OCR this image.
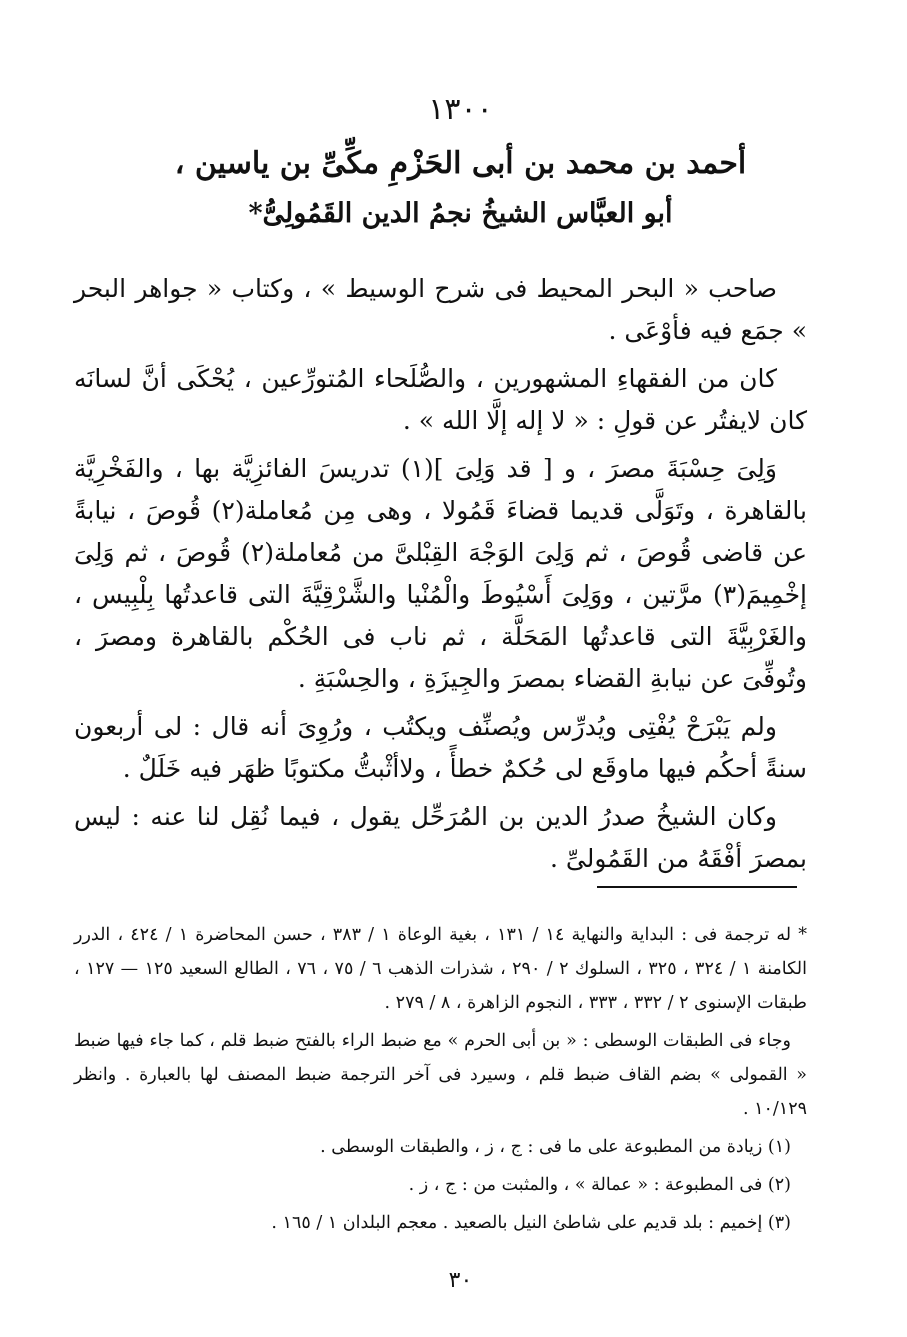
١٣٠٠
أحمد بن محمد بن أبى الحَزْمِ مكِّىِّ بن ياسين ،
أبو العبَّاس الشيخُ نجمُ الدين القَمُولِىُّ*

صاحب « البحر المحيط فى شرح الوسيط » ، وكتاب « جواهر البحر » جمَع فيه فأوْعَى .

كان من الفقهاءِ المشهورين ، والصُّلَحاء المُتورِّعين ، يُحْكَى أنَّ لسانَه كان لايفتُر عن قولِ : « لا إله إلَّا الله » .

وَلِىَ حِسْبَةَ مصرَ ، و [ قد وَلِىَ ](١) تدريسَ الفائزِيَّة بها ، والفَخْرِيَّة بالقاهرة ، وتَوَلَّى قديما قضاءَ قَمُولا ، وهى مِن مُعاملة(٢) قُوصَ ، نيابةً عن قاضى قُوصَ ، ثم وَلِىَ الوَجْهَ القِبْلىَّ من مُعاملة(٢) قُوصَ ، ثم وَلِىَ إخْمِيمَ(٣) مرَّتين ، ووَلِىَ أَسْيُوطَ والْمُنْيا والشَّرْقِيَّةَ التى قاعدتُها بِلْبِيس ، والغَرْبِيَّةَ التى قاعدتُها المَحَلَّة ، ثم ناب فى الحُكْم بالقاهرة ومصرَ ، وتُوفِّىَ عن نيابةِ القضاء بمصرَ والجِيزَةِ ، والحِسْبَةِ .

ولم يَبْرَحْ يُفْتِى ويُدرِّس ويُصنِّف ويكتُب ، ورُوِىَ أنه قال : لى أربعون سنةً أحكُم فيها ماوقَع لى حُكمٌ خطأً ، ولاأثْبتُّ مكتوبًا ظهَر فيه خَلَلٌ .

وكان الشيخُ صدرُ الدين بن المُرَحِّل يقول ، فيما نُقِل لنا عنه : ليس بمصرَ أفْقَهُ من القَمُولىِّ .

* له ترجمة فى : البداية والنهاية ١٤ / ١٣١ ، بغية الوعاة ١ / ٣٨٣ ، حسن المحاضرة ١ / ٤٢٤ ، الدرر الكامنة ١ / ٣٢٤ ، ٣٢٥ ، السلوك ٢ / ٢٩٠ ، شذرات الذهب ٦ / ٧٥ ، ٧٦ ، الطالع السعيد ١٢٥ — ١٢٧ ، طبقات الإسنوى ٢ / ٣٣٢ ، ٣٣٣ ، النجوم الزاهرة ، ٨ / ٢٧٩ .

وجاء فى الطبقات الوسطى : « بن أبى الحرم » مع ضبط الراء بالفتح ضبط قلم ، كما جاء فيها ضبط « القمولى » بضم القاف ضبط قلم ، وسيرد فى آخر الترجمة ضبط المصنف لها بالعبارة . وانظر ١٠/١٢٩ .

(١) زيادة من المطبوعة على ما فى : ج ، ز ، والطبقات الوسطى .

(٢) فى المطبوعة : « عمالة » ، والمثبت من : ج ، ز .

(٣) إخميم : بلد قديم على شاطئ النيل بالصعيد . معجم البلدان ١ / ١٦٥ .

٣٠
